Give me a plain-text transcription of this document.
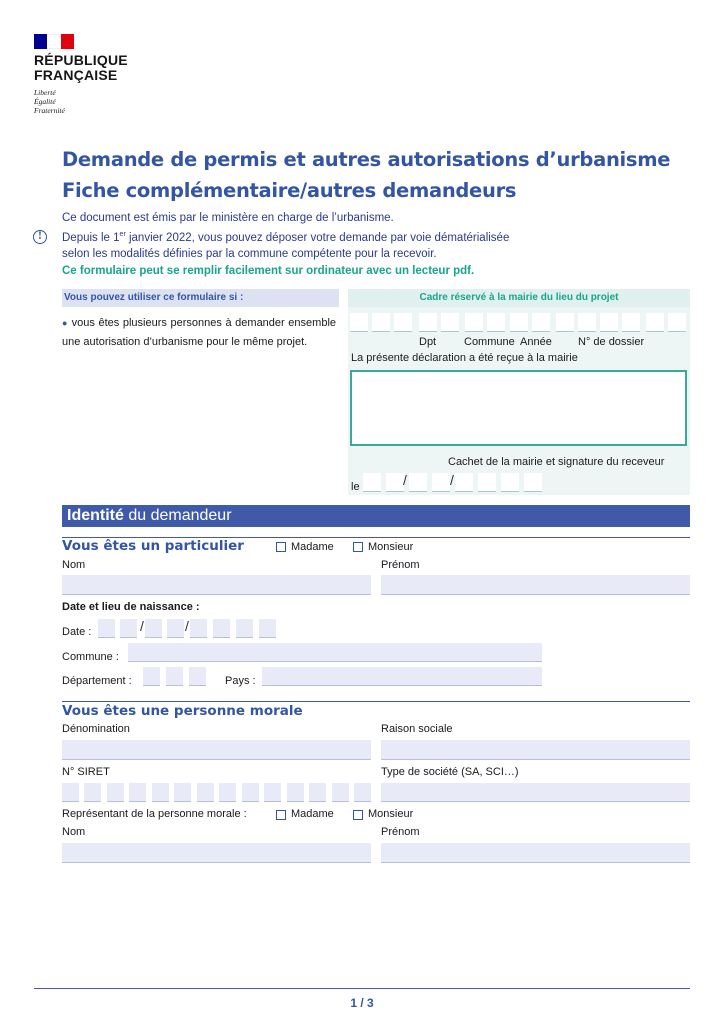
RÉPUBLIQUE
FRANÇAISE
Liberté
Égalité
Fraternité
Demande de permis et autres autorisations d’urbanisme
Fiche complémentaire/autres demandeurs
Ce document est émis par le ministère en charge de l’urbanisme.
!	Depuis le 1er janvier 2022, vous pouvez déposer votre demande par voie dématérialisée
selon les modalités définies par la commune compétente pour la recevoir.
Ce formulaire peut se remplir facilement sur ordinateur avec un lecteur pdf.
Vous pouvez utiliser ce formulaire si :	Cadre réservé à la mairie du lieu du projet
● vous êtes plusieurs personnes à demander ensemble une autorisation d’urbanisme pour le même projet.	Dpt	Commune Année N° de dossier
La présente déclaration a été reçue à la mairie
Cachet de la mairie et signature du receveur
le	/	/
Identité du demandeur
Vous êtes un particulier	Madame	Monsieur
Nom	Prénom
Date et lieu de naissance :
Date :	/	/
Commune :
Département :	Pays :
Vous êtes une personne morale
Dénomination	Raison sociale
N° SIRET	Type de société (SA, SCI…)
Représentant de la personne morale :	Madame	Monsieur
Nom	Prénom
1 / 3
